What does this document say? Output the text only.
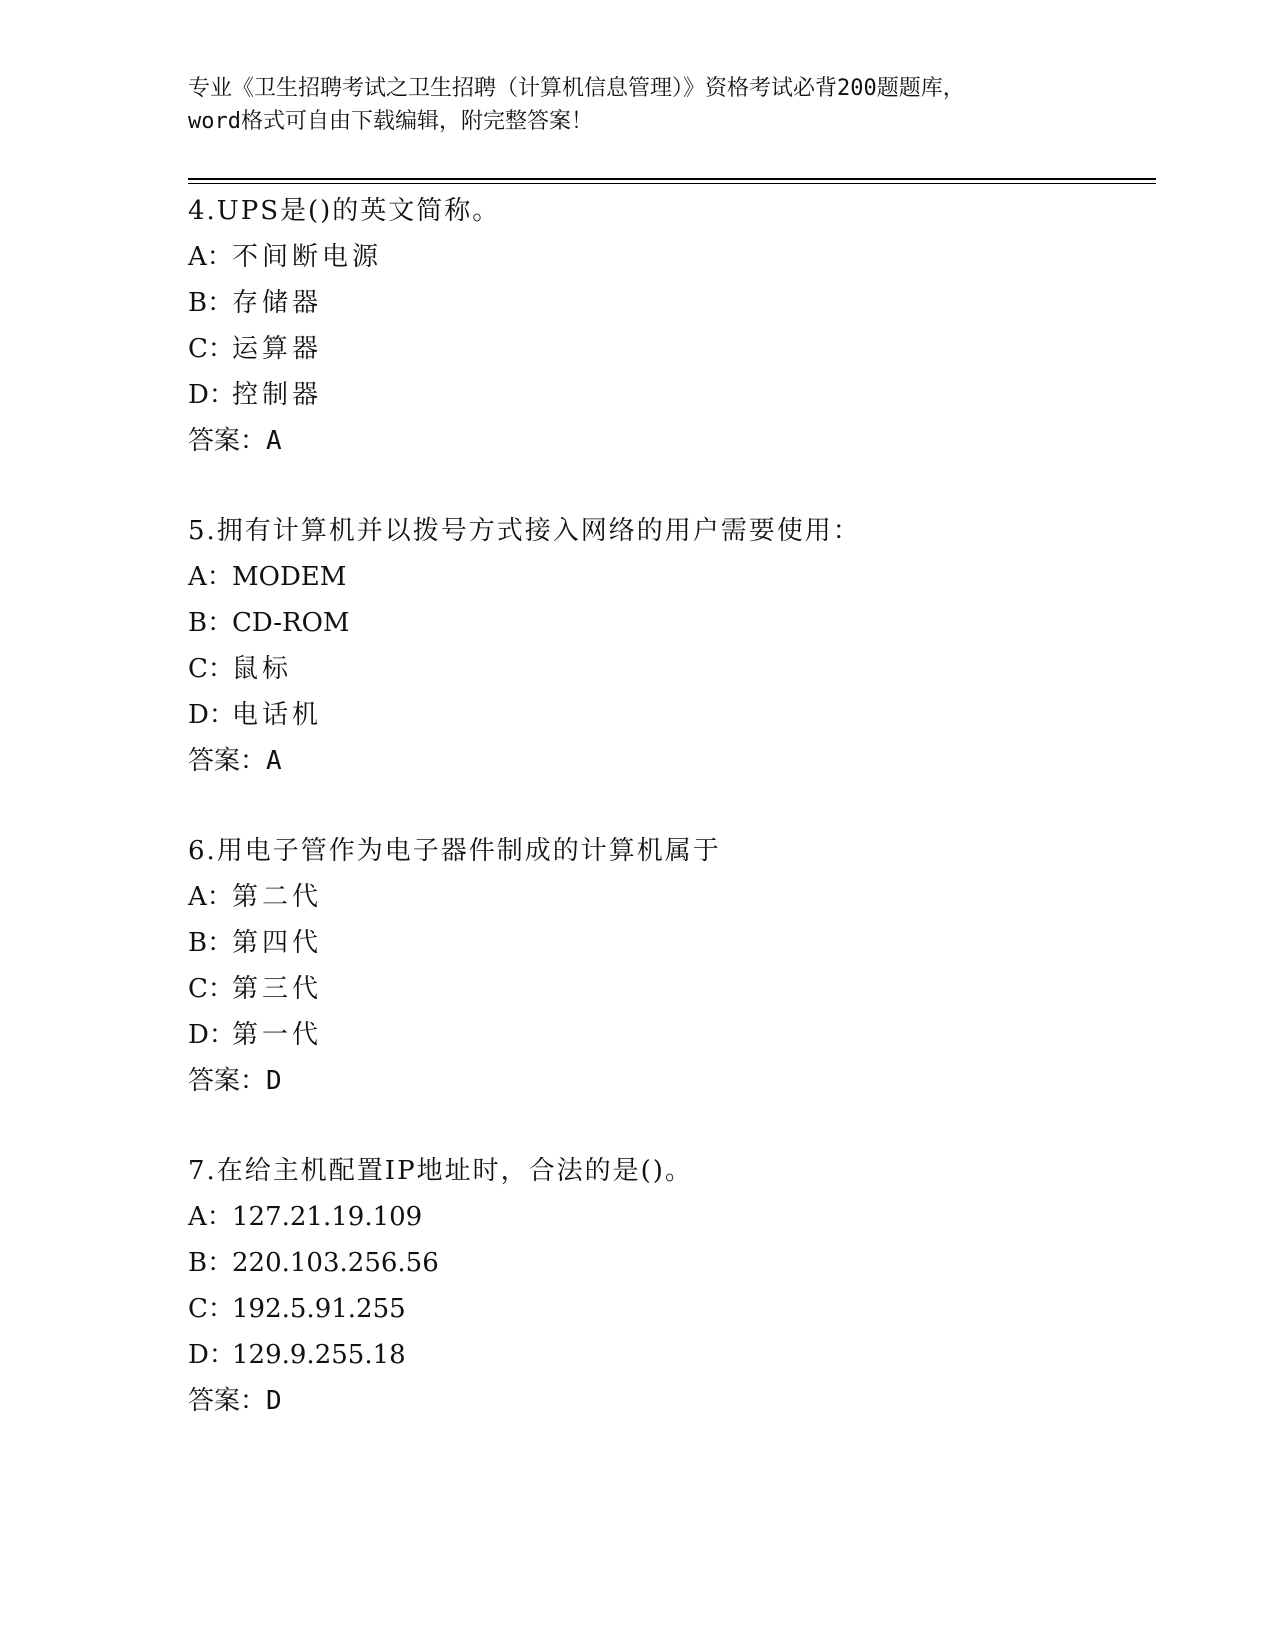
专业《卫生招聘考试之卫生招聘（计算机信息管理）》资格考试必背200题题库，
word格式可自由下载编辑，附完整答案！
4.UPS是()的英文简称。
A：不间断电源
B：存储器
C：运算器
D：控制器
答案：A
5.拥有计算机并以拨号方式接入网络的用户需要使用：
A：MODEM
B：CD-ROM
C：鼠标
D：电话机
答案：A
6.用电子管作为电子器件制成的计算机属于
A：第二代
B：第四代
C：第三代
D：第一代
答案：D
7.在给主机配置IP地址时，合法的是()。
A：127.21.19.109
B：220.103.256.56
C：192.5.91.255
D：129.9.255.18
答案：D
